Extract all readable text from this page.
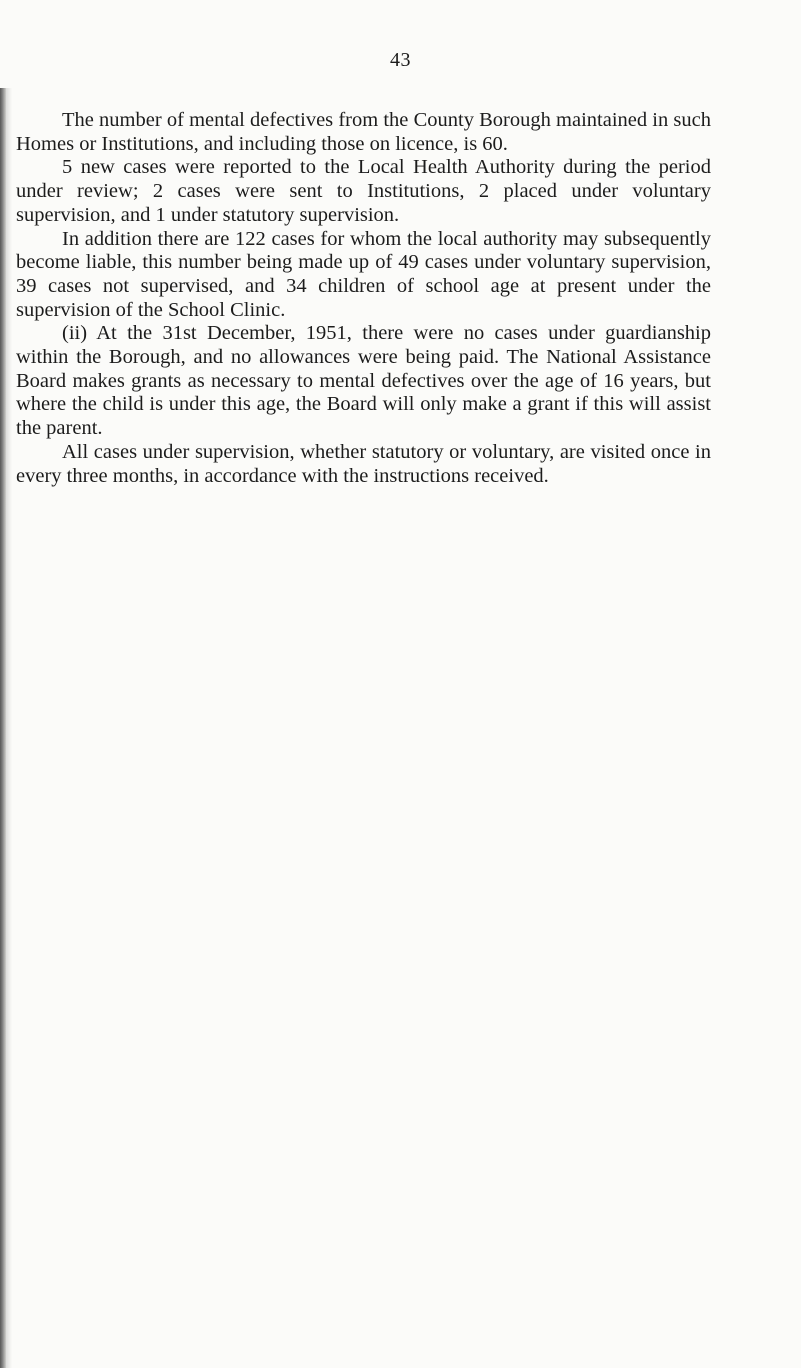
43

The number of mental defectives from the County Borough maintained in such Homes or Institutions, and including those on licence, is 60.

5 new cases were reported to the Local Health Authority during the period under review; 2 cases were sent to Institutions, 2 placed under voluntary supervision, and 1 under statutory supervision.

In addition there are 122 cases for whom the local authority may subsequently become liable, this number being made up of 49 cases under voluntary supervision, 39 cases not supervised, and 34 children of school age at present under the supervision of the School Clinic.

(ii) At the 31st December, 1951, there were no cases under guardianship within the Borough, and no allowances were being paid. The National Assistance Board makes grants as necessary to mental defectives over the age of 16 years, but where the child is under this age, the Board will only make a grant if this will assist the parent.

All cases under supervision, whether statutory or voluntary, are visited once in every three months, in accordance with the instructions received.
